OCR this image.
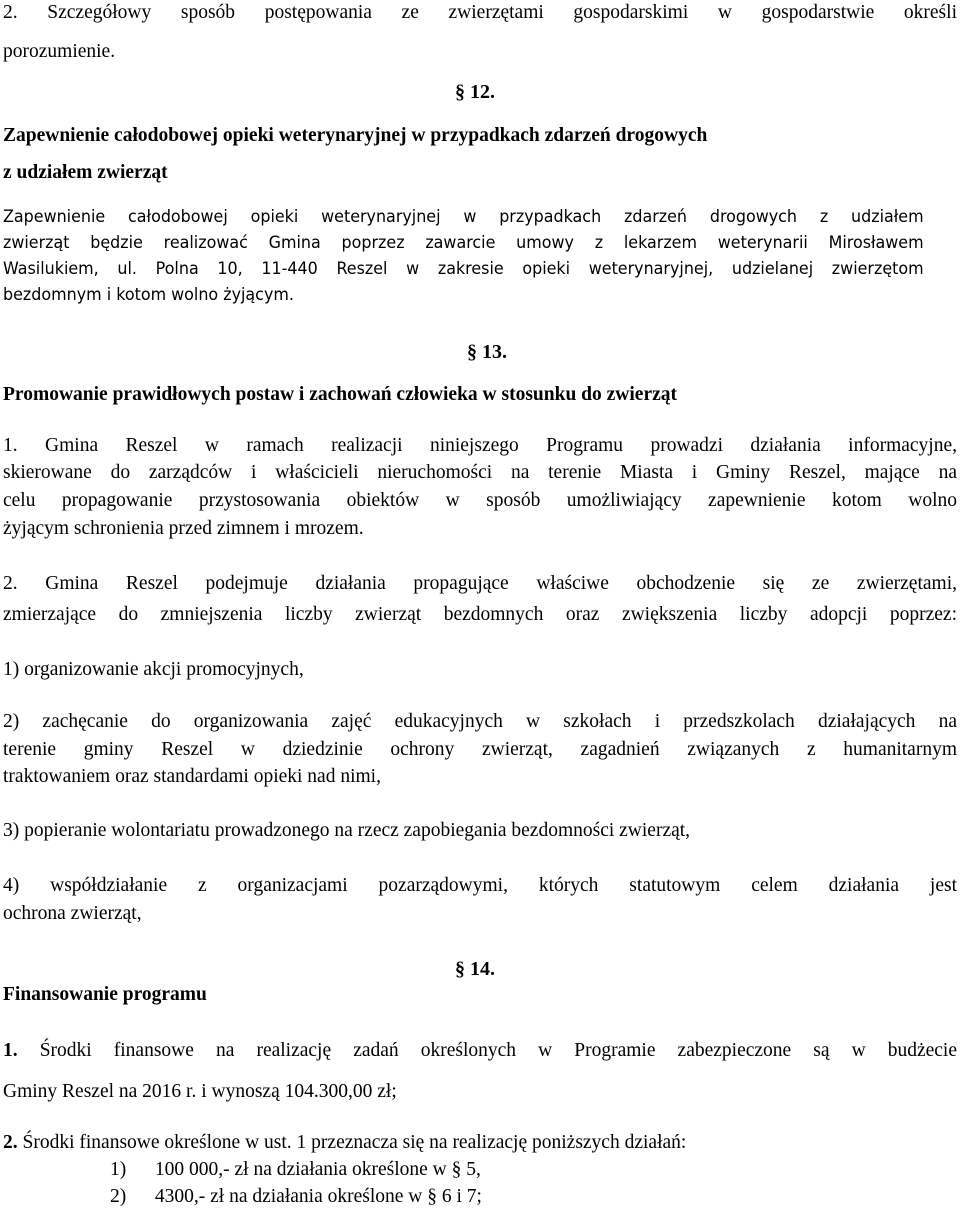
2. Szczegółowy sposób postępowania ze zwierzętami gospodarskimi w gospodarstwie określi
porozumienie.
§ 12.
Zapewnienie całodobowej opieki weterynaryjnej w przypadkach zdarzeń drogowych
z udziałem zwierząt
Zapewnienie całodobowej opieki weterynaryjnej w przypadkach zdarzeń drogowych z udziałem
zwierząt będzie realizować Gmina poprzez zawarcie umowy z lekarzem weterynarii Mirosławem
Wasilukiem, ul. Polna 10, 11-440 Reszel w zakresie opieki weterynaryjnej, udzielanej zwierzętom
bezdomnym i kotom wolno żyjącym.
§ 13.
Promowanie prawidłowych postaw i zachowań człowieka w stosunku do zwierząt
1. Gmina Reszel w ramach realizacji niniejszego Programu prowadzi działania informacyjne,
skierowane do zarządców i właścicieli nieruchomości na terenie Miasta i Gminy Reszel, mające na
celu propagowanie przystosowania obiektów w sposób umożliwiający zapewnienie kotom wolno
żyjącym schronienia przed zimnem i mrozem.
2. Gmina Reszel podejmuje działania propagujące właściwe obchodzenie się ze zwierzętami,
zmierzające do zmniejszenia liczby zwierząt bezdomnych oraz zwiększenia liczby adopcji poprzez:
1) organizowanie akcji promocyjnych,
2) zachęcanie do organizowania zajęć edukacyjnych w szkołach i przedszkolach działających na
terenie gminy Reszel w dziedzinie ochrony zwierząt, zagadnień związanych z humanitarnym
traktowaniem oraz standardami opieki nad nimi,
3) popieranie wolontariatu prowadzonego na rzecz zapobiegania bezdomności zwierząt,
4) współdziałanie z organizacjami pozarządowymi, których statutowym celem działania jest
ochrona zwierząt,
§ 14.
Finansowanie programu
1. Środki finansowe na realizację zadań określonych w Programie zabezpieczone są w budżecie
Gminy Reszel na 2016 r. i wynoszą 104.300,00 zł;
2. Środki finansowe określone w ust. 1 przeznacza się na realizację poniższych działań:
1) 100 000,- zł na działania określone w § 5,
2) 4300,- zł na działania określone w § 6 i 7;
